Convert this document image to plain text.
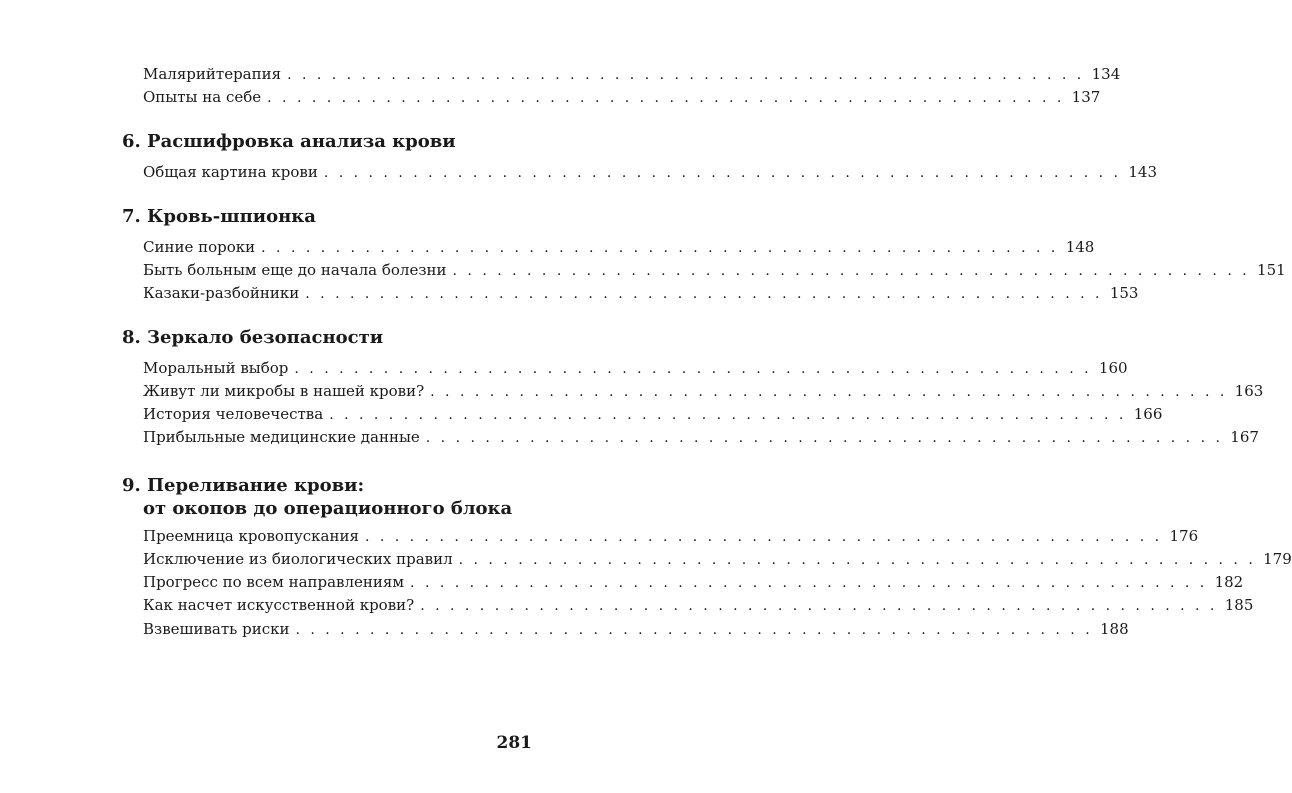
Малярийтерапия . . . . . . . . . . . . . . . . . . . . . . . . . . . . . . . . . . . . . . . . . . . . . . . . . . . . . . 134
Опыты на себе . . . . . . . . . . . . . . . . . . . . . . . . . . . . . . . . . . . . . . . . . . . . . . . . . . . . . . 137
6. Расшифровка анализа крови
Общая картина крови . . . . . . . . . . . . . . . . . . . . . . . . . . . . . . . . . . . . . . . . . . . . . . . . . . . . . . 143
7. Кровь-шпионка
Синие пороки . . . . . . . . . . . . . . . . . . . . . . . . . . . . . . . . . . . . . . . . . . . . . . . . . . . . . . 148
Быть больным еще до начала болезни . . . . . . . . . . . . . . . . . . . . . . . . . . . . . . . . . . . . . . . . . . . . . . . . . . . . . . 151
Казаки-разбойники . . . . . . . . . . . . . . . . . . . . . . . . . . . . . . . . . . . . . . . . . . . . . . . . . . . . . . 153
8. Зеркало безопасности
Моральный выбор . . . . . . . . . . . . . . . . . . . . . . . . . . . . . . . . . . . . . . . . . . . . . . . . . . . . . . 160
Живут ли микробы в нашей крови? . . . . . . . . . . . . . . . . . . . . . . . . . . . . . . . . . . . . . . . . . . . . . . . . . . . . . . 163
История человечества . . . . . . . . . . . . . . . . . . . . . . . . . . . . . . . . . . . . . . . . . . . . . . . . . . . . . . 166
Прибыльные медицинские данные . . . . . . . . . . . . . . . . . . . . . . . . . . . . . . . . . . . . . . . . . . . . . . . . . . . . . . 167
9. Переливание крови:
от окопов до операционного блока
Преемница кровопускания . . . . . . . . . . . . . . . . . . . . . . . . . . . . . . . . . . . . . . . . . . . . . . . . . . . . . . 176
Исключение из биологических правил . . . . . . . . . . . . . . . . . . . . . . . . . . . . . . . . . . . . . . . . . . . . . . . . . . . . . . 179
Прогресс по всем направлениям . . . . . . . . . . . . . . . . . . . . . . . . . . . . . . . . . . . . . . . . . . . . . . . . . . . . . . 182
Как насчет искусственной крови? . . . . . . . . . . . . . . . . . . . . . . . . . . . . . . . . . . . . . . . . . . . . . . . . . . . . . . 185
Взвешивать риски . . . . . . . . . . . . . . . . . . . . . . . . . . . . . . . . . . . . . . . . . . . . . . . . . . . . . . 188
281
